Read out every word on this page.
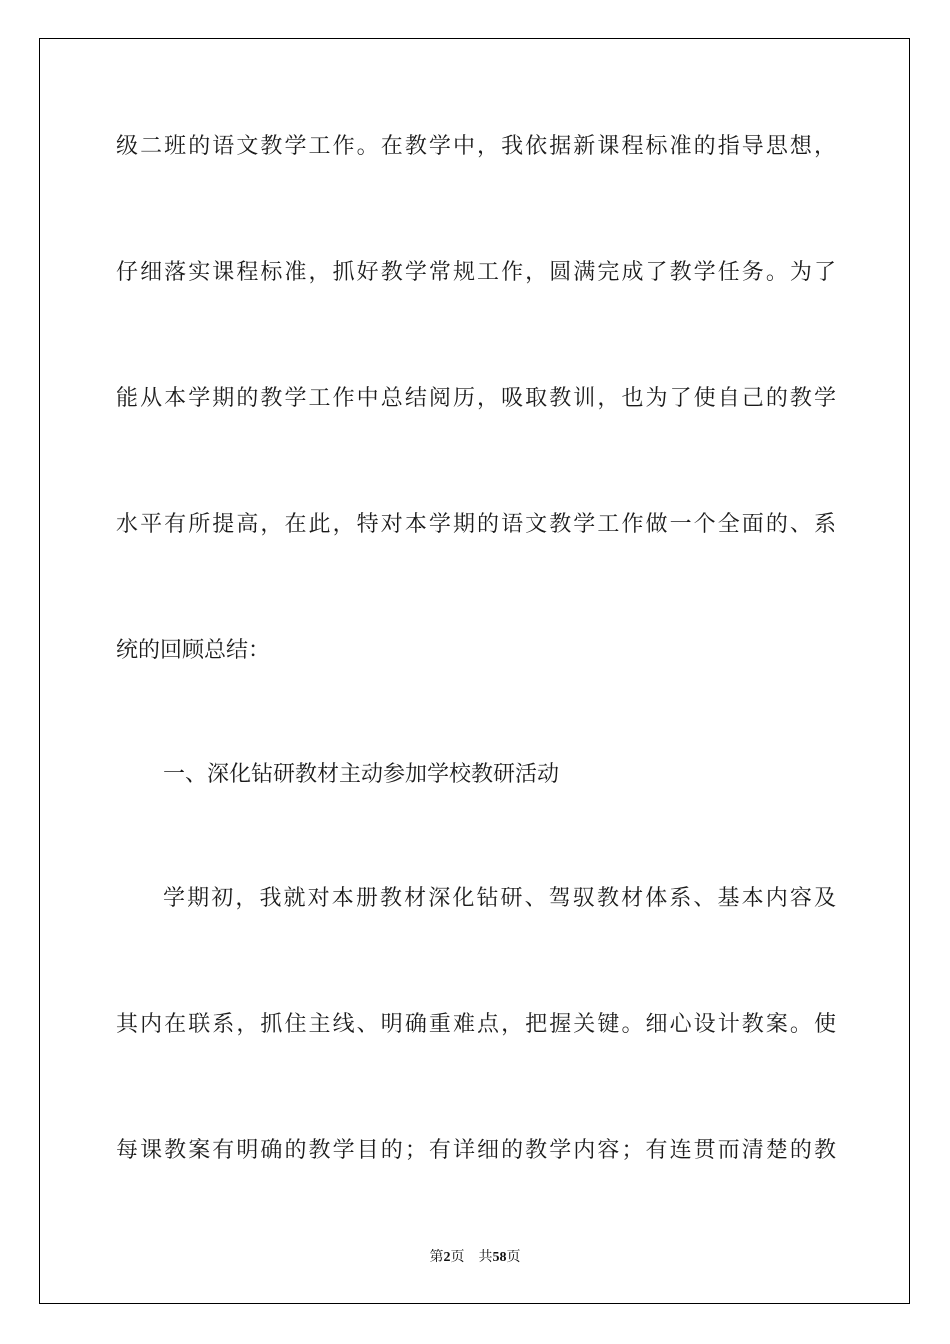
级二班的语文教学工作。在教学中，我依据新课程标准的指导思想，
仔细落实课程标准，抓好教学常规工作，圆满完成了教学任务。为了
能从本学期的教学工作中总结阅历，吸取教训，也为了使自己的教学
水平有所提高，在此，特对本学期的语文教学工作做一个全面的、系
统的回顾总结：
一、深化钻研教材主动参加学校教研活动
学期初，我就对本册教材深化钻研、驾驭教材体系、基本内容及
其内在联系，抓住主线、明确重难点，把握关键。细心设计教案。使
每课教案有明确的教学目的；有详细的教学内容；有连贯而清楚的教
第2页 共58页
